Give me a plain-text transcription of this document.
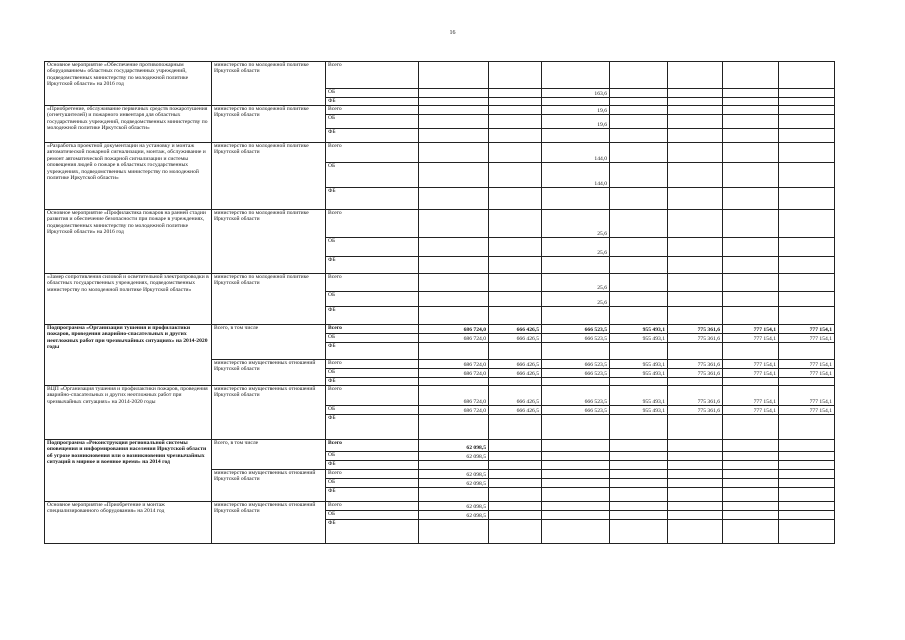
16
Основное мероприятие «Обеспечение противопожарным оборудованием» областных государственных учреждений, подведомственных министерству по молодежной политике Иркутской области» на 2016 год	министерство по молодежной политике Иркутской области	Всего							
		ОБ			163,6				
		ФБ							
«Приобретение, обслуживание первичных средств пожаротушения (огнетушителей) и пожарного инвентаря для областных государственных учреждений, подведомственных министерству по молодежной политике Иркутской области»	министерство по молодежной политике Иркутской области	Всего			19,6				
		ОБ			19,6				
		ФБ							
«Разработка проектной документации на установку и монтаж автоматической пожарной сигнализации, монтаж, обслуживание и ремонт автоматической пожарной сигнализации и системы оповещения людей о пожаре в областных государственных учреждениях, подведомственных министерству по молодежной политике Иркутской области»	министерство по молодежной политике Иркутской области	Всего			144,0				
		ОБ			144,0				
		ФБ							
Основное мероприятие «Профилактика пожаров на ранней стадии развития и обеспечение безопасности при пожаре в учреждениях, подведомственных министерству по молодежной политике Иркутской области» на 2016 год	министерство по молодежной политике Иркутской области	Всего			25,6				
		ОБ			25,6				
		ФБ							
«Замер сопротивления силовой и осветительной электропроводки в областных государственных учреждениях, подведомственных министерству по молодежной политике Иркутской области»	министерство по молодежной политике Иркутской области	Всего			25,6				
		ОБ			25,6				
		ФБ							
Подпрограмма «Организация тушения и профилактики пожаров, проведения аварийно-спасательных и других неотложных работ при чрезвычайных ситуациях» на 2014-2020 годы	Всего, в том числе	Всего	686 724,0	666 426,5	666 523,5	955 493,1	775 361,6	777 154,1	777 154,1
		ОБ	686 724,0	666 426,5	666 523,5	955 493,1	775 361,6	777 154,1	777 154,1
		ФБ							
	министерство имущественных отношений Иркутской области	Всего	686 724,0	666 426,5	666 523,5	955 493,1	775 361,6	777 154,1	777 154,1
		ОБ	686 724,0	666 426,5	666 523,5	955 493,1	775 361,6	777 154,1	777 154,1
		ФБ							
ВЦП «Организация тушения и профилактики пожаров, проведения аварийно-спасательных и других неотложных работ при чрезвычайных ситуациях» на 2014-2020 годы	министерство имущественных отношений Иркутской области	Всего	686 724,0	666 426,5	666 523,5	955 493,1	775 361,6	777 154,1	777 154,1
		ОБ	686 724,0	666 426,5	666 523,5	955 493,1	775 361,6	777 154,1	777 154,1
		ФБ							
Подпрограмма «Реконструкция региональной системы оповещения и информирования населения Иркутской области об угрозе возникновения или о возникновении чрезвычайных ситуаций в мирное и военное время» на 2014 год	Всего, в том числе	Всего	62 098,5						
		ОБ	62 098,5						
		ФБ							
	министерство имущественных отношений Иркутской области	Всего	62 098,5						
		ОБ	62 098,5						
		ФБ							
Основное мероприятие «Приобретение и монтаж специализированного оборудования» на 2014 год	министерство имущественных отношений Иркутской области	Всего	62 098,5						
		ОБ	62 098,5						
		ФБ							
